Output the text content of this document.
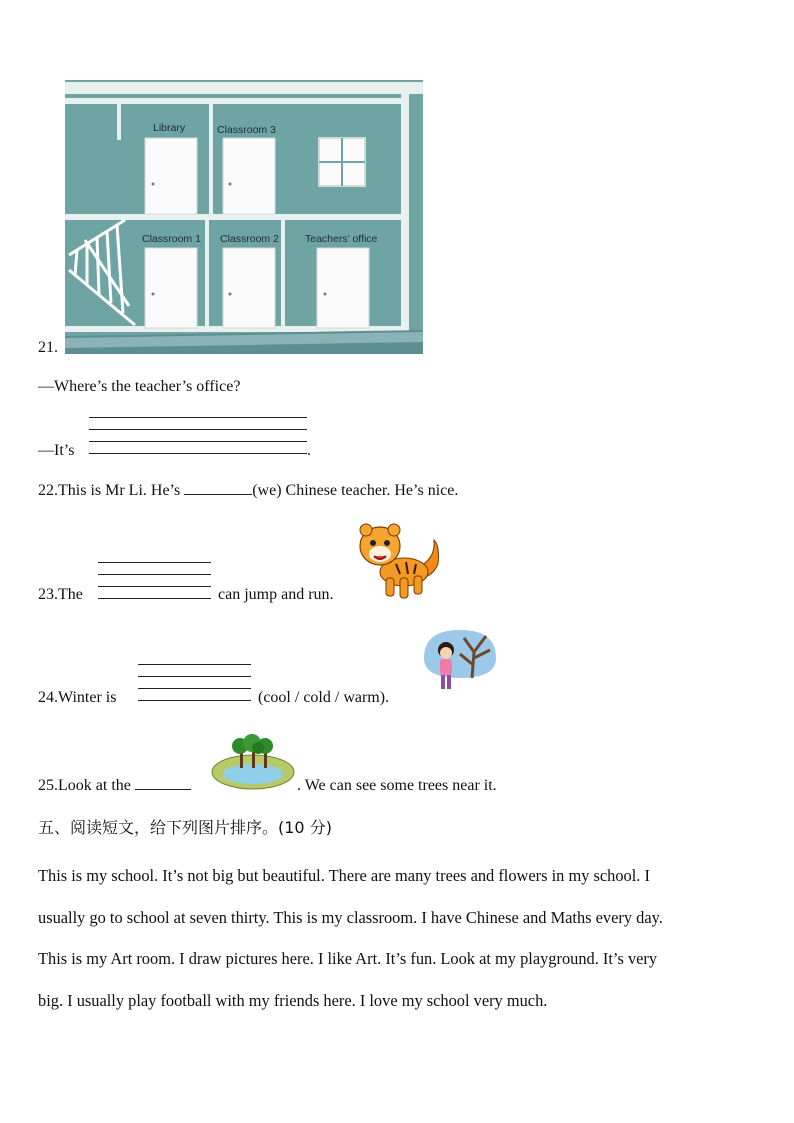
Library	Classroom 3
Classroom 1 Classroom 2 Teachers’ office
21.
—Where’s the teacher’s office?
—It’s	.
22.This is Mr Li. He’s	(we) Chinese teacher. He’s nice.
23.The	can jump and run.
24.Winter is	(cool / cold / warm).
25.Look at the	. We can see some trees near it.
五、阅读短文，给下列图片排序。(10 分)
This is my school. It’s not big but beautiful. There are many trees and flowers in my school. I
usually go to school at seven thirty. This is my classroom. I have Chinese and Maths every day.
This is my Art room. I draw pictures here. I like Art. It’s fun. Look at my playground. It’s very
big. I usually play football with my friends here. I love my school very much.
